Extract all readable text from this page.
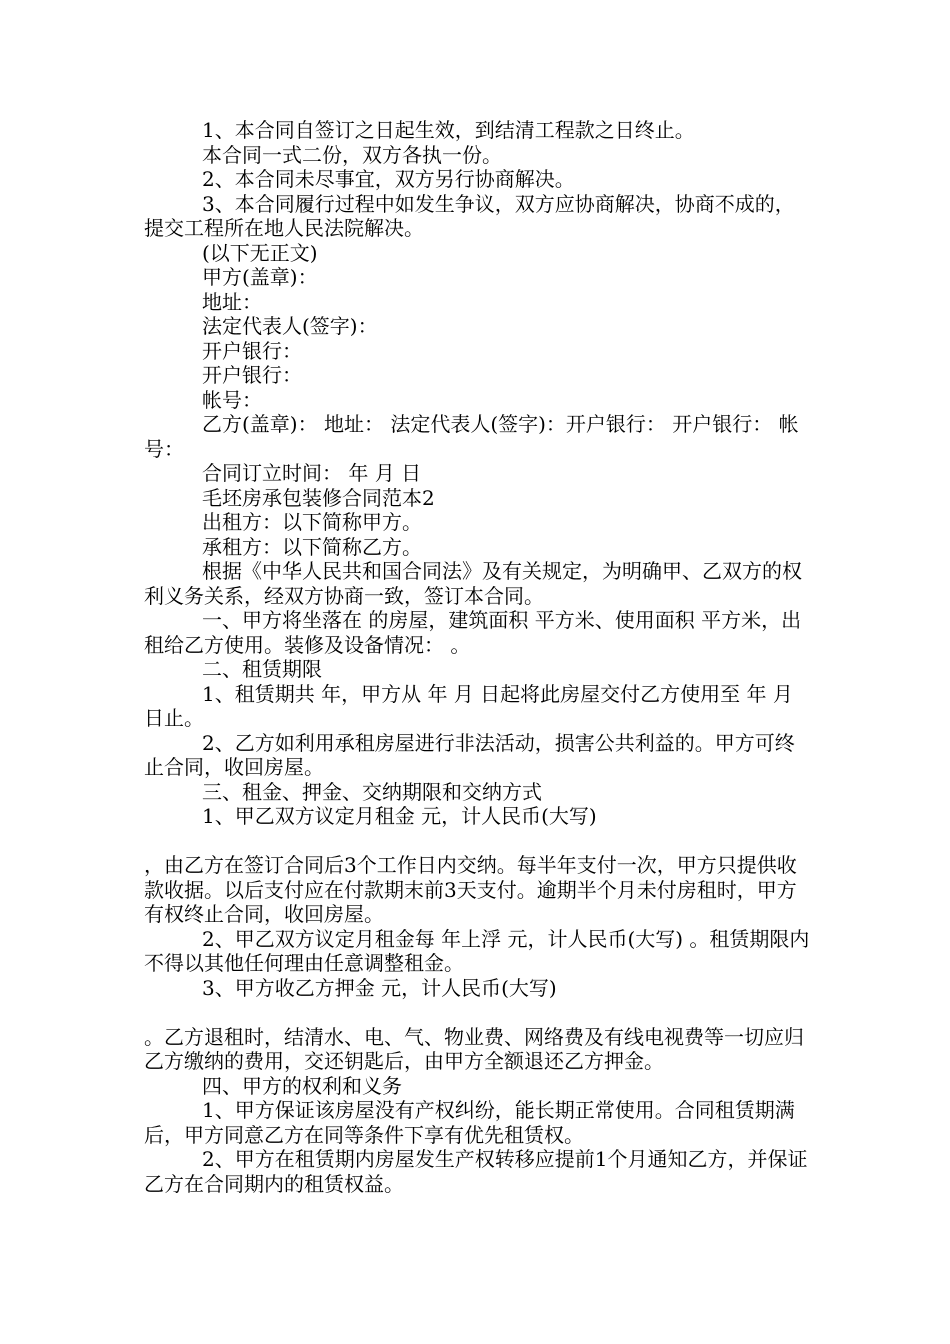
1、本合同自签订之日起生效，到结清工程款之日终止。

本合同一式二份，双方各执一份。

2、本合同未尽事宜，双方另行协商解决。

3、本合同履行过程中如发生争议，双方应协商解决，协商不成的，提交工程所在地人民法院解决。

(以下无正文)

甲方(盖章)：

地址：

法定代表人(签字)：

开户银行：

开户银行：

帐号：

乙方(盖章)： 地址： 法定代表人(签字)：开户银行： 开户银行： 帐号：

合同订立时间： 年 月 日

毛坯房承包装修合同范本2

出租方：以下简称甲方。

承租方：以下简称乙方。

根据《中华人民共和国合同法》及有关规定，为明确甲、乙双方的权利义务关系，经双方协商一致，签订本合同。

一、甲方将坐落在 的房屋，建筑面积 平方米、使用面积 平方米，出租给乙方使用。装修及设备情况： 。

二、租赁期限

1、租赁期共 年，甲方从 年 月 日起将此房屋交付乙方使用至 年 月 日止。

2、乙方如利用承租房屋进行非法活动，损害公共利益的。甲方可终止合同，收回房屋。

三、租金、押金、交纳期限和交纳方式

1、甲乙双方议定月租金 元，计人民币(大写)

，由乙方在签订合同后3个工作日内交纳。每半年支付一次，甲方只提供收款收据。以后支付应在付款期末前3天支付。逾期半个月未付房租时，甲方有权终止合同，收回房屋。

2、甲乙双方议定月租金每 年上浮 元，计人民币(大写) 。租赁期限内不得以其他任何理由任意调整租金。

3、甲方收乙方押金 元，计人民币(大写)

。乙方退租时，结清水、电、气、物业费、网络费及有线电视费等一切应归乙方缴纳的费用，交还钥匙后，由甲方全额退还乙方押金。

四、甲方的权利和义务

1、甲方保证该房屋没有产权纠纷，能长期正常使用。合同租赁期满后，甲方同意乙方在同等条件下享有优先租赁权。

2、甲方在租赁期内房屋发生产权转移应提前1个月通知乙方，并保证乙方在合同期内的租赁权益。
